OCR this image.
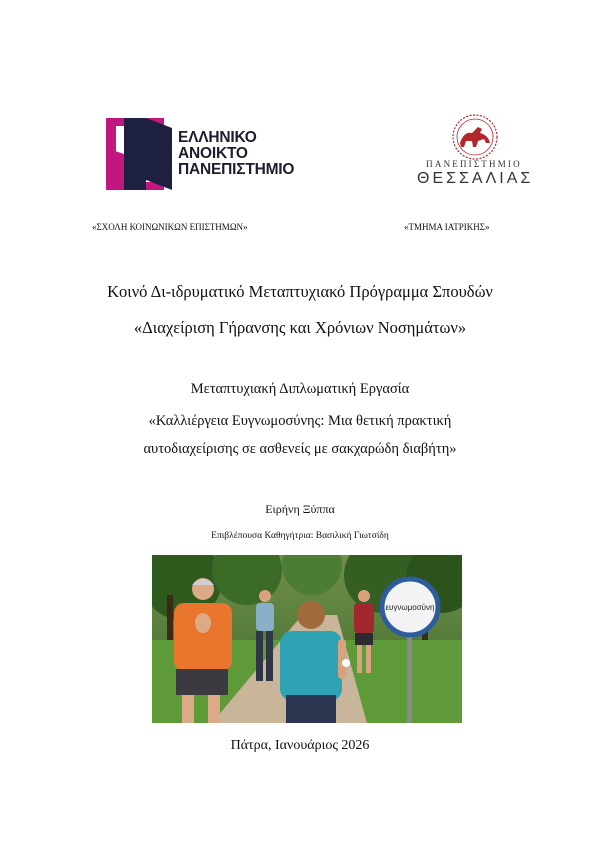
ΕΛΛΗΝΙΚΟ
ΑΝΟΙΚΤΟ
ΠΑΝΕΠΙΣΤΗΜΙΟ	ΠΑΝΕΠΙΣΤΗΜΙΟ
ΘΕΣΣΑΛΙΑΣ
«ΣΧΟΛΗ ΚΟΙΝΩΝΙΚΩΝ ΕΠΙΣΤΗΜΩΝ»	«ΤΜΗΜΑ ΙΑΤΡΙΚΗΣ»
Κοινό Δι-ιδρυματικό Μεταπτυχιακό Πρόγραμμα Σπουδών
«Διαχείριση Γήρανσης και Χρόνιων Νοσημάτων»
Μεταπτυχιακή Διπλωματική Εργασία
«Καλλιέργεια Ευγνωμοσύνης: Μια θετική πρακτική
αυτοδιαχείρισης σε ασθενείς με σακχαρώδη διαβήτη»
Ειρήνη Ξύππα
Επιβλέπουσα Καθηγήτρια: Βασιλική Γιωτσίδη
ευγνωμοσύνη
Πάτρα, Ιανουάριος 2026
